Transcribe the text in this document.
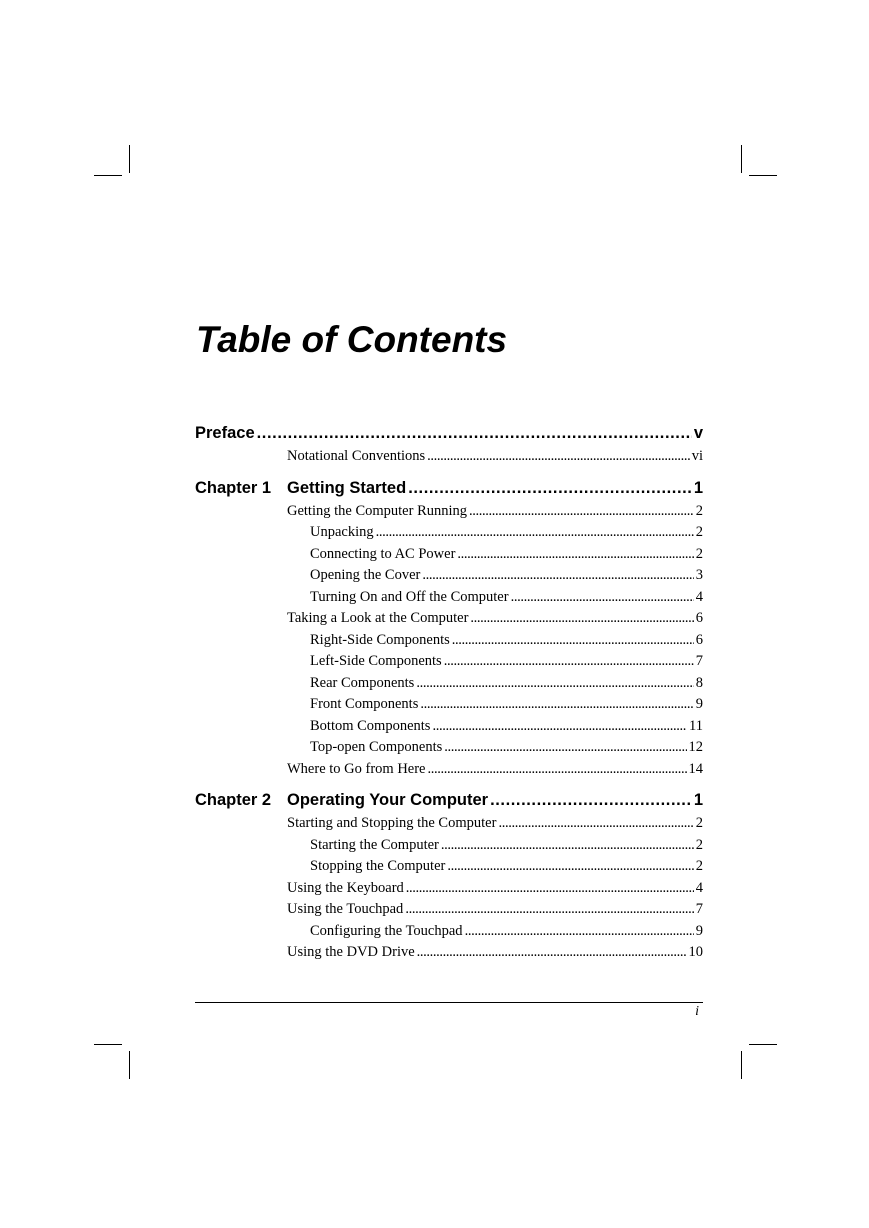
Table of Contents
Preface . . .	v
Notational Conventions . . .	vi
Chapter 1 Getting Started . . .	1
Getting the Computer Running . . .	2
Unpacking . . .	2
Connecting to AC Power . . .	2
Opening the Cover . . .	3
Turning On and Off the Computer . . .	4
Taking a Look at the Computer . . .	6
Right-Side Components . . .	6
Left-Side Components . . .	7
Rear Components . . .	8
Front Components . . .	9
Bottom Components . . .	11
Top-open Components . . .	12
Where to Go from Here . . .	14
Chapter 2 Operating Your Computer . . .	1
Starting and Stopping the Computer . . .	2
Starting the Computer . . .	2
Stopping the Computer . . .	2
Using the Keyboard . . .	4
Using the Touchpad . . .	7
Configuring the Touchpad . . .	9
Using the DVD Drive . . .	10
i
